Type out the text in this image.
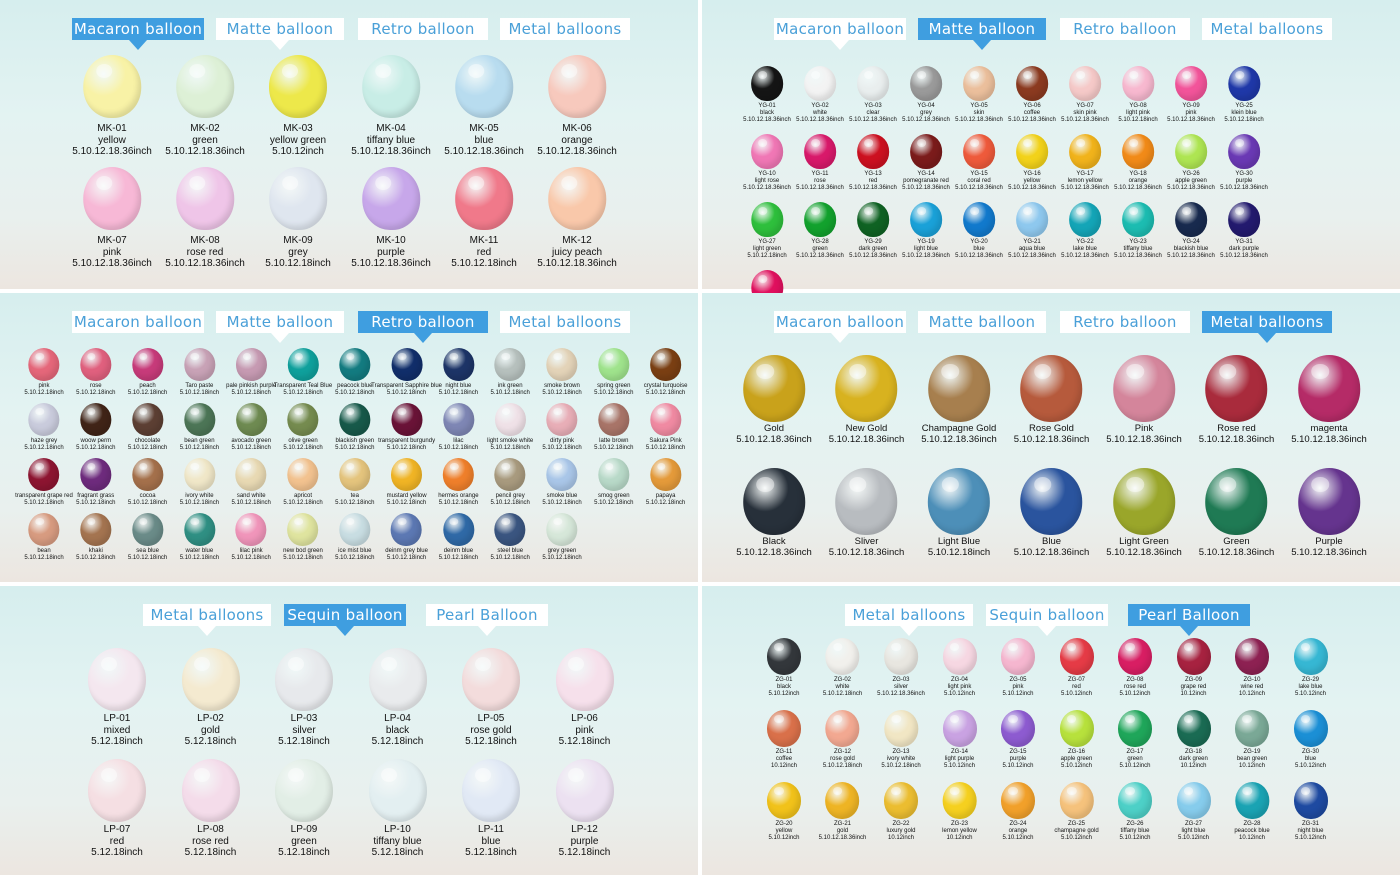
Macaron balloon	Matte balloon	Retro balloon	Metal balloons
MK-01
yellow
5.10.12.18.36inch
MK-02
green
5.10.12.18.36inch
MK-03
yellow green
5.10.12inch
MK-04
tiffany blue
5.10.12.18.36inch
MK-05
blue
5.10.12.18.36inch
MK-06
orange
5.10.12.18.36inch
MK-07
pink
5.10.12.18.36inch
MK-08
rose red
5.10.12.18.36inch
MK-09
grey
5.10.12.18inch
MK-10
purple
5.10.12.18.36inch
MK-11
red
5.10.12.18inch
MK-12
juicy peach
5.10.12.18.36inch
Macaron balloon	Matte balloon	Retro balloon	Metal balloons
YG-01
black
5.10.12.18.36inch
YG-02
white
5.10.12.18.36inch
YG-03
clear
5.10.12.18.36inch
YG-04
grey
5.10.12.18.36inch
YG-05
skin
5.10.12.18.36inch
YG-06
coffee
5.10.12.18.36inch
YG-07
skin pink
5.10.12.18.36inch
YG-08
light pink
5.10.12.18inch
YG-09
pink
5.10.12.18.36inch
YG-25
klein blue
5.10.12.18inch
YG-10
light rose
5.10.12.18.36inch
YG-11
rose
5.10.12.18.36inch
YG-13
red
5.10.12.18.36inch
YG-14
pomegranate red
5.10.12.18.36inch
YG-15
coral red
5.10.12.18.36inch
YG-16
yellow
5.10.12.18.36inch
YG-17
lemon yellow
5.10.12.18.36inch
YG-18
orange
5.10.12.18.36inch
YG-26
apple green
5.10.12.18.36inch
YG-30
purple
5.10.12.18.36inch
YG-27
light green
5.10.12.18inch
YG-28
green
5.10.12.18.36inch
YG-29
dark green
5.10.12.18.36inch
YG-19
light blue
5.10.12.18.36inch
YG-20
blue
5.10.12.18.36inch
YG-21
aqua blue
5.10.12.18.36inch
YG-22
lake blue
5.10.12.18.36inch
YG-23
tiffany blue
5.10.12.18.36inch
YG-24
blackish blue
5.10.12.18.36inch
YG-31
dark purple
5.10.12.18.36inch
Macaron balloon	Matte balloon	Retro balloon	Metal balloons
pink
5.10.12.18inch
rose
5.10.12.18inch
peach
5.10.12.18inch
Taro paste
5.10.12.18inch
pale pinkish purple
5.10.12.18inch
Transparent Teal Blue
5.10.12.18inch
peacock blue
5.10.12.18inch
Transparent Sapphire blue
5.10.12.18inch
night blue
5.10.12.18inch
ink green
5.10.12.18inch
smoke brown
5.10.12.18inch
spring green
5.10.12.18inch
crystal turquoise
5.10.12.18inch
haze grey
5.10.12.18inch
woow perm
5.10.12.18inch
chocolate
5.10.12.18inch
bean green
5.10.12.18inch
avocado green
5.10.12.18inch
olive green
5.10.12.18inch
blackish green
5.10.12.18inch
transparent burgundy
5.10.12.18inch
lilac
5.10.12.18inch
light smoke white
5.10.12.18inch
dirty pink
5.10.12.18inch
latte brown
5.10.12.18inch
Sakura Pink
5.10.12.18inch
transparent grape red
5.10.12.18inch
fragrant grass
5.10.12.18inch
cocoa
5.10.12.18inch
ivory white
5.10.12.18inch
sand white
5.10.12.18inch
apricot
5.10.12.18inch
tea
5.10.12.18inch
mustard yellow
5.10.12.18inch
hermes orange
5.10.12.18inch
pencil grey
5.10.12.18inch
smoke blue
5.10.12.18inch
smog green
5.10.12.18inch
papaya
5.10.12.18inch
bean
5.10.12.18inch
khaki
5.10.12.18inch
sea blue
5.10.12.18inch
water blue
5.10.12.18inch
lilac pink
5.10.12.18inch
new bod green
5.10.12.18inch
ice mist blue
5.10.12.18inch
deinm grey blue
5.10.12.18inch
deinm blue
5.10.12.18inch
steel blue
5.10.12.18inch
grey green
5.10.12.18inch
Macaron balloon	Matte balloon	Retro balloon	Metal balloons
Gold
5.10.12.18.36inch
New Gold
5.10.12.18.36inch
Champagne Gold
5.10.12.18.36inch
Rose Gold
5.10.12.18.36inch
Pink
5.10.12.18.36inch
Rose red
5.10.12.18.36inch
magenta
5.10.12.18.36inch
Black
5.10.12.18.36inch
Sliver
5.10.12.18.36inch
Light Blue
5.10.12.18inch
Blue
5.10.12.18.36inch
Light Green
5.10.12.18.36inch
Green
5.10.12.18.36inch
Purple
5.10.12.18.36inch
Metal balloons	Sequin balloon	Pearl Balloon
LP-01
mixed
5.12.18inch
LP-02
gold
5.12.18inch
LP-03
silver
5.12.18inch
LP-04
black
5.12.18inch
LP-05
rose gold
5.12.18inch
LP-06
pink
5.12.18inch
LP-07
red
5.12.18inch
LP-08
rose red
5.12.18inch
LP-09
green
5.12.18inch
LP-10
tiffany blue
5.12.18inch
LP-11
blue
5.12.18inch
LP-12
purple
5.12.18inch
Metal balloons	Sequin balloon	Pearl Balloon
ZG-01
black
5.10.12inch
ZG-02
white
5.10.12.18inch
ZG-03
silver
5.10.12.18.36inch
ZG-04
light pink
5.10.12inch
ZG-05
pink
5.10.12inch
ZG-07
red
5.10.12inch
ZG-08
rose red
5.10.12inch
ZG-09
grape red
10.12inch
ZG-10
wine red
10.12inch
ZG-29
lake blue
5.10.12inch
ZG-11
coffee
10.12inch
ZG-12
rose gold
5.10.12.18inch
ZG-13
ivory white
5.10.12.18inch
ZG-14
light purple
5.10.12inch
ZG-15
purple
5.10.12inch
ZG-16
apple green
5.10.12inch
ZG-17
green
5.10.12inch
ZG-18
dark green
10.12inch
ZG-19
bean green
10.12inch
ZG-30
blue
5.10.12inch
ZG-20
yellow
5.10.12inch
ZG-21
gold
5.10.12.18.36inch
ZG-22
luxury gold
10.12inch
ZG-23
lemon yellow
10.12inch
ZG-24
orange
5.10.12inch
ZG-25
champagne gold
5.10.12inch
ZG-26
tiffany blue
5.10.12inch
ZG-27
light blue
5.10.12inch
ZG-28
peacock blue
10.12inch
ZG-31
night blue
5.10.12inch
